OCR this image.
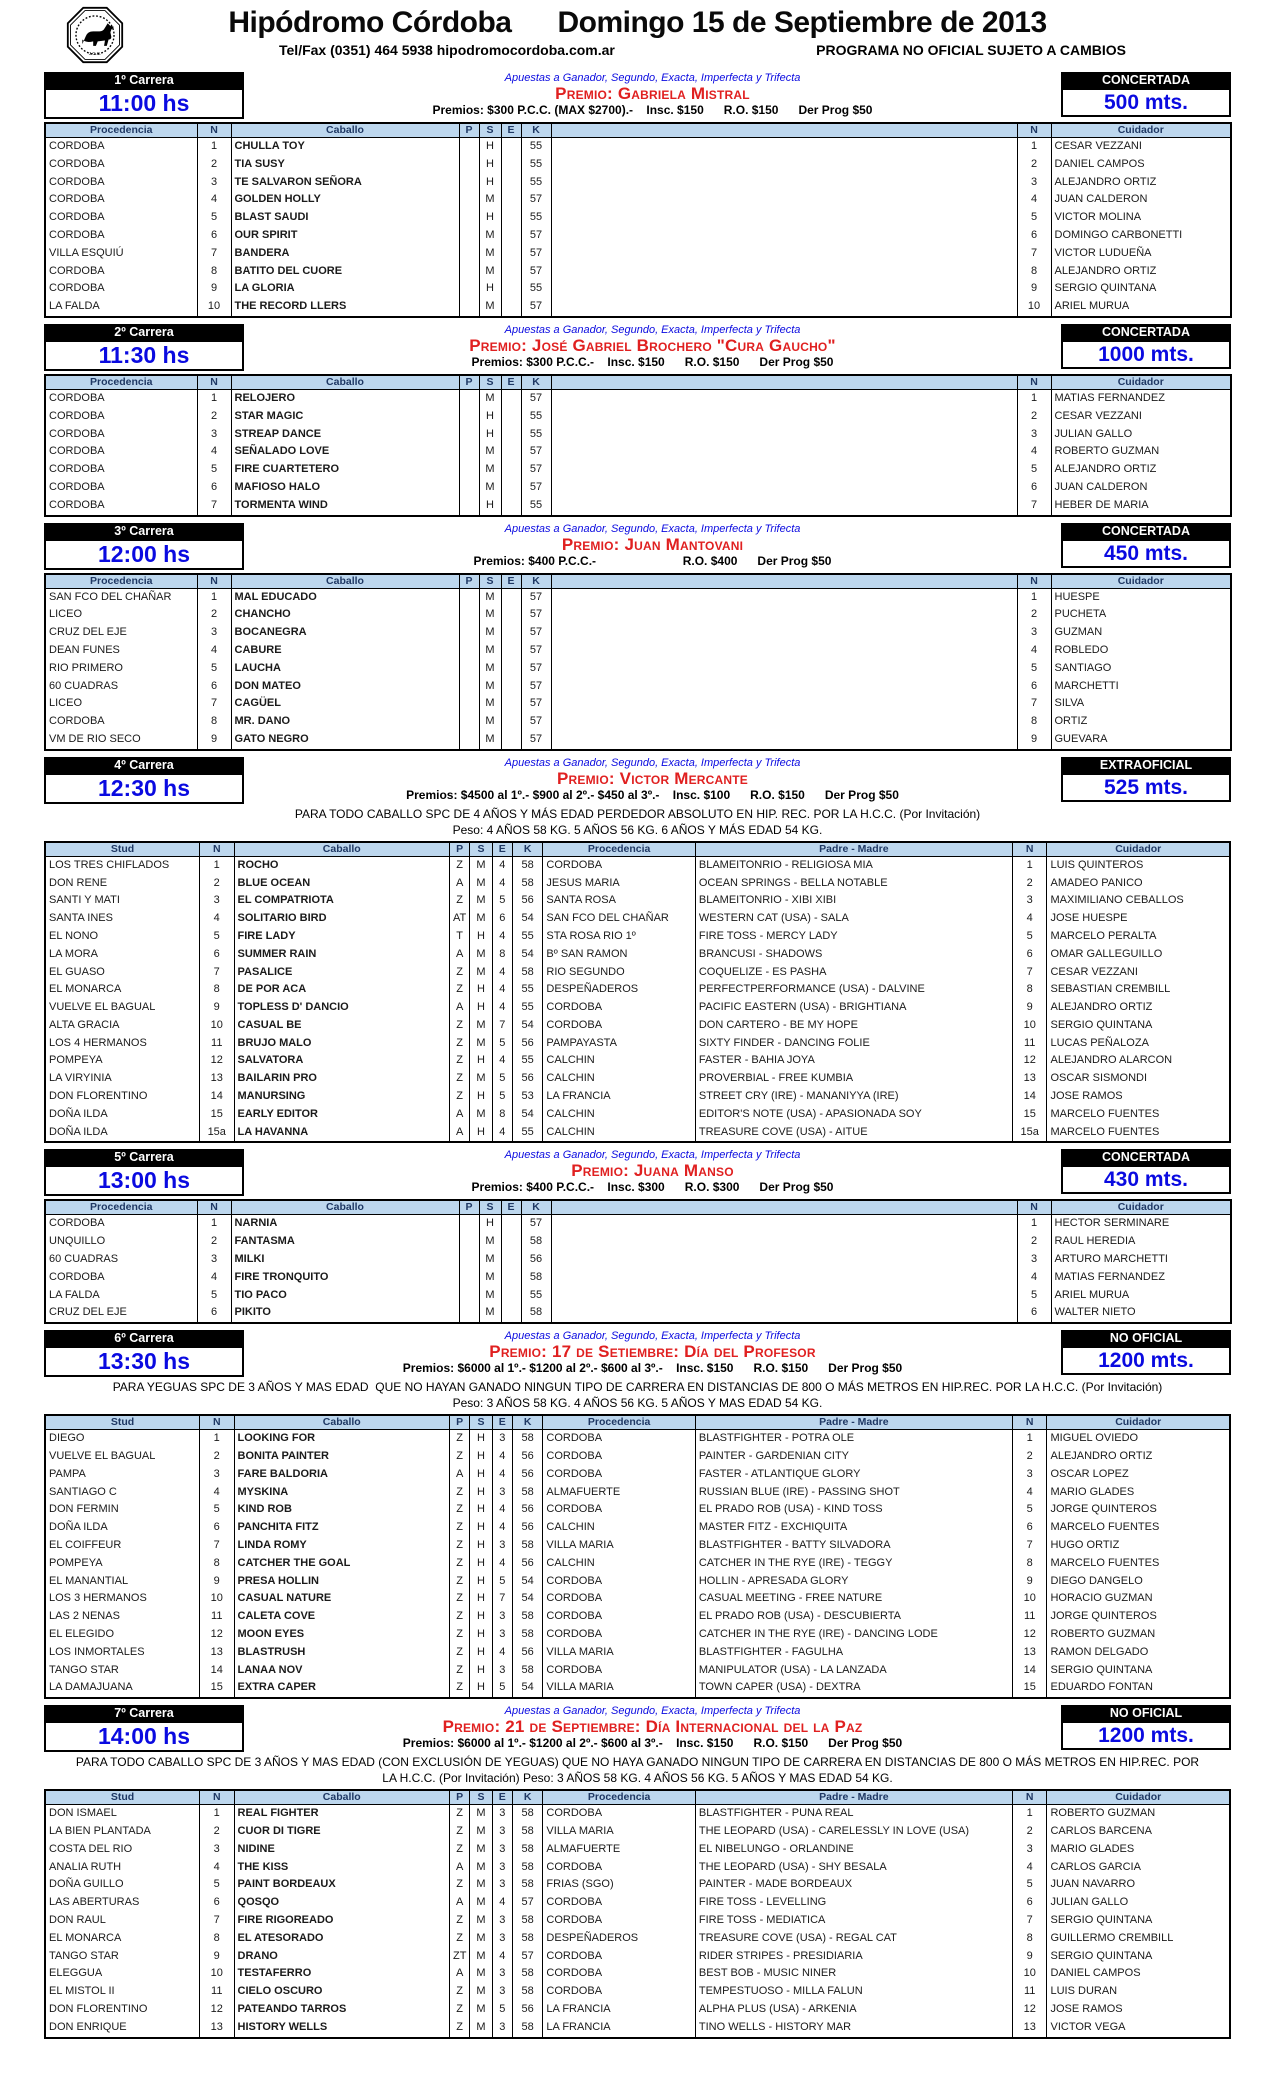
J.C.C.
Hipódromo Córdoba Domingo 15 de Septiembre de 2013
Tel/Fax (0351) 464 5938 hipodromocordoba.com.ar	PROGRAMA NO OFICIAL SUJETO A CAMBIOS
1º Carrera
11:00 hs
Apuestas a Ganador, Segundo, Exacta, Imperfecta y Trifecta
Premio: Gabriela Mistral
Premios: $300 P.C.C. (MAX $2700).-    Insc. $150      R.O. $150      Der Prog $50
CONCERTADA
500 mts.
Procedencia	N	Caballo	P	S	E	K		N	Cuidador
CORDOBA	1	CHULLA TOY		H		55		1	CESAR VEZZANI
CORDOBA	2	TIA SUSY		H		55		2	DANIEL CAMPOS
CORDOBA	3	TE SALVARON SEÑORA		H		55		3	ALEJANDRO ORTIZ
CORDOBA	4	GOLDEN HOLLY		M		57		4	JUAN CALDERON
CORDOBA	5	BLAST SAUDI		H		55		5	VICTOR MOLINA
CORDOBA	6	OUR SPIRIT		M		57		6	DOMINGO CARBONETTI
VILLA ESQUIÚ	7	BANDERA		M		57		7	VICTOR LUDUEÑA
CORDOBA	8	BATITO DEL CUORE		M		57		8	ALEJANDRO ORTIZ
CORDOBA	9	LA GLORIA		H		55		9	SERGIO QUINTANA
LA FALDA	10	THE RECORD LLERS		M		57		10	ARIEL MURUA
2º Carrera
11:30 hs
Apuestas a Ganador, Segundo, Exacta, Imperfecta y Trifecta
Premio: José Gabriel Brochero "Cura Gaucho"
Premios: $300 P.C.C.-    Insc. $150      R.O. $150      Der Prog $50
CONCERTADA
1000 mts.
Procedencia	N	Caballo	P	S	E	K		N	Cuidador
CORDOBA	1	RELOJERO		M		57		1	MATIAS FERNANDEZ
CORDOBA	2	STAR MAGIC		H		55		2	CESAR VEZZANI
CORDOBA	3	STREAP DANCE		H		55		3	JULIAN GALLO
CORDOBA	4	SEÑALADO LOVE		M		57		4	ROBERTO GUZMAN
CORDOBA	5	FIRE CUARTETERO		M		57		5	ALEJANDRO ORTIZ
CORDOBA	6	MAFIOSO HALO		M		57		6	JUAN CALDERON
CORDOBA	7	TORMENTA WIND		H		55		7	HEBER DE MARIA
3º Carrera
12:00 hs
Apuestas a Ganador, Segundo, Exacta, Imperfecta y Trifecta
Premio: Juan Mantovani
Premios: $400 P.C.C.-                          R.O. $400      Der Prog $50
CONCERTADA
450 mts.
Procedencia	N	Caballo	P	S	E	K		N	Cuidador
SAN FCO DEL CHAÑAR	1	MAL EDUCADO		M		57		1	HUESPE
LICEO	2	CHANCHO		M		57		2	PUCHETA
CRUZ DEL EJE	3	BOCANEGRA		M		57		3	GUZMAN
DEAN FUNES	4	CABURE		M		57		4	ROBLEDO
RIO PRIMERO	5	LAUCHA		M		57		5	SANTIAGO
60 CUADRAS	6	DON MATEO		M		57		6	MARCHETTI
LICEO	7	CAGÜEL		M		57		7	SILVA
CORDOBA	8	MR. DANO		M		57		8	ORTIZ
VM DE RIO SECO	9	GATO NEGRO		M		57		9	GUEVARA
4º Carrera
12:30 hs
Apuestas a Ganador, Segundo, Exacta, Imperfecta y Trifecta
Premio: Victor Mercante
Premios: $4500 al 1º.- $900 al 2º.- $450 al 3º.-    Insc. $100      R.O. $150      Der Prog $50
EXTRAOFICIAL
525 mts.
PARA TODO CABALLO SPC DE 4 AÑOS Y MÁS EDAD PERDEDOR ABSOLUTO EN HIP. REC. POR LA H.C.C. (Por Invitación)
Peso: 4 AÑOS 58 KG. 5 AÑOS 56 KG. 6 AÑOS Y MÁS EDAD 54 KG.
Stud	N	Caballo	P	S	E	K	Procedencia	Padre - Madre	N	Cuidador
LOS TRES CHIFLADOS	1	ROCHO	Z	M	4	58	CORDOBA	BLAMEITONRIO - RELIGIOSA MIA	1	LUIS QUINTEROS
DON RENE	2	BLUE OCEAN	A	M	4	58	JESUS MARIA	OCEAN SPRINGS - BELLA NOTABLE	2	AMADEO PANICO
SANTI Y MATI	3	EL COMPATRIOTA	Z	M	5	56	SANTA ROSA	BLAMEITONRIO - XIBI XIBI	3	MAXIMILIANO CEBALLOS
SANTA INES	4	SOLITARIO BIRD	AT	M	6	54	SAN FCO DEL CHAÑAR	WESTERN CAT (USA) - SALA	4	JOSE HUESPE
EL NONO	5	FIRE LADY	T	H	4	55	STA ROSA RIO 1º	FIRE TOSS - MERCY LADY	5	MARCELO PERALTA
LA MORA	6	SUMMER RAIN	A	M	8	54	Bº SAN RAMON	BRANCUSI - SHADOWS	6	OMAR GALLEGUILLO
EL GUASO	7	PASALICE	Z	M	4	58	RIO SEGUNDO	COQUELIZE - ES PASHA	7	CESAR VEZZANI
EL MONARCA	8	DE POR ACA	Z	H	4	55	DESPEÑADEROS	PERFECTPERFORMANCE (USA) - DALVINE	8	SEBASTIAN CREMBILL
VUELVE EL BAGUAL	9	TOPLESS D' DANCIO	A	H	4	55	CORDOBA	PACIFIC EASTERN (USA) - BRIGHTIANA	9	ALEJANDRO ORTIZ
ALTA GRACIA	10	CASUAL BE	Z	M	7	54	CORDOBA	DON CARTERO - BE MY HOPE	10	SERGIO QUINTANA
LOS 4 HERMANOS	11	BRUJO MALO	Z	M	5	56	PAMPAYASTA	SIXTY FINDER - DANCING FOLIE	11	LUCAS PEÑALOZA
POMPEYA	12	SALVATORA	Z	H	4	55	CALCHIN	FASTER - BAHIA JOYA	12	ALEJANDRO ALARCON
LA VIRYINIA	13	BAILARIN PRO	Z	M	5	56	CALCHIN	PROVERBIAL - FREE KUMBIA	13	OSCAR SISMONDI
DON FLORENTINO	14	MANURSING	Z	H	5	53	LA FRANCIA	STREET CRY (IRE) - MANANIYYA (IRE)	14	JOSE RAMOS
DOÑA ILDA	15	EARLY EDITOR	A	M	8	54	CALCHIN	EDITOR'S NOTE (USA) - APASIONADA SOY	15	MARCELO FUENTES
DOÑA ILDA	15a	LA HAVANNA	A	H	4	55	CALCHIN	TREASURE COVE (USA) - AITUE	15a	MARCELO FUENTES
5º Carrera
13:00 hs
Apuestas a Ganador, Segundo, Exacta, Imperfecta y Trifecta
Premio: Juana Manso
Premios: $400 P.C.C.-    Insc. $300      R.O. $300      Der Prog $50
CONCERTADA
430 mts.
Procedencia	N	Caballo	P	S	E	K		N	Cuidador
CORDOBA	1	NARNIA		H		57		1	HECTOR SERMINARE
UNQUILLO	2	FANTASMA		M		58		2	RAUL HEREDIA
60 CUADRAS	3	MILKI		M		56		3	ARTURO MARCHETTI
CORDOBA	4	FIRE TRONQUITO		M		58		4	MATIAS FERNANDEZ
LA FALDA	5	TIO PACO		M		55		5	ARIEL MURUA
CRUZ DEL EJE	6	PIKITO		M		58		6	WALTER NIETO
6º Carrera
13:30 hs
Apuestas a Ganador, Segundo, Exacta, Imperfecta y Trifecta
Premio: 17 de Setiembre: Día del Profesor
Premios: $6000 al 1º.- $1200 al 2º.- $600 al 3º.-    Insc. $150      R.O. $150      Der Prog $50
NO OFICIAL
1200 mts.
PARA YEGUAS SPC DE 3 AÑOS Y MAS EDAD  QUE NO HAYAN GANADO NINGUN TIPO DE CARRERA EN DISTANCIAS DE 800 O MÁS METROS EN HIP.REC. POR LA H.C.C. (Por Invitación)
Peso: 3 AÑOS 58 KG. 4 AÑOS 56 KG. 5 AÑOS Y MAS EDAD 54 KG.
Stud	N	Caballo	P	S	E	K	Procedencia	Padre - Madre	N	Cuidador
DIEGO	1	LOOKING FOR	Z	H	3	58	CORDOBA	BLASTFIGHTER - POTRA OLE	1	MIGUEL OVIEDO
VUELVE EL BAGUAL	2	BONITA PAINTER	Z	H	4	56	CORDOBA	PAINTER - GARDENIAN CITY	2	ALEJANDRO ORTIZ
PAMPA	3	FARE BALDORIA	A	H	4	56	CORDOBA	FASTER - ATLANTIQUE GLORY	3	OSCAR LOPEZ
SANTIAGO C	4	MYSKINA	Z	H	3	58	ALMAFUERTE	RUSSIAN BLUE (IRE) - PASSING SHOT	4	MARIO GLADES
DON FERMIN	5	KIND ROB	Z	H	4	56	CORDOBA	EL PRADO ROB (USA) - KIND TOSS	5	JORGE QUINTEROS
DOÑA ILDA	6	PANCHITA FITZ	Z	H	4	56	CALCHIN	MASTER FITZ - EXCHIQUITA	6	MARCELO FUENTES
EL COIFFEUR	7	LINDA ROMY	Z	H	3	58	VILLA MARIA	BLASTFIGHTER - BATTY SILVADORA	7	HUGO ORTIZ
POMPEYA	8	CATCHER THE GOAL	Z	H	4	56	CALCHIN	CATCHER IN THE RYE (IRE) - TEGGY	8	MARCELO FUENTES
EL MANANTIAL	9	PRESA HOLLIN	Z	H	5	54	CORDOBA	HOLLIN - APRESADA GLORY	9	DIEGO DANGELO
LOS 3 HERMANOS	10	CASUAL NATURE	Z	H	7	54	CORDOBA	CASUAL MEETING - FREE NATURE	10	HORACIO GUZMAN
LAS 2 NENAS	11	CALETA COVE	Z	H	3	58	CORDOBA	EL PRADO ROB (USA) - DESCUBIERTA	11	JORGE QUINTEROS
EL ELEGIDO	12	MOON EYES	Z	H	3	58	CORDOBA	CATCHER IN THE RYE (IRE) - DANCING LODE	12	ROBERTO GUZMAN
LOS INMORTALES	13	BLASTRUSH	Z	H	4	56	VILLA MARIA	BLASTFIGHTER - FAGULHA	13	RAMON DELGADO
TANGO STAR	14	LANAA NOV	Z	H	3	58	CORDOBA	MANIPULATOR (USA) - LA LANZADA	14	SERGIO QUINTANA
LA DAMAJUANA	15	EXTRA CAPER	Z	H	5	54	VILLA MARIA	TOWN CAPER (USA) - DEXTRA	15	EDUARDO FONTAN
7º Carrera
14:00 hs
Apuestas a Ganador, Segundo, Exacta, Imperfecta y Trifecta
Premio: 21 de Septiembre: Día Internacional del la Paz
Premios: $6000 al 1º.- $1200 al 2º.- $600 al 3º.-    Insc. $150      R.O. $150      Der Prog $50
NO OFICIAL
1200 mts.
PARA TODO CABALLO SPC DE 3 AÑOS Y MAS EDAD (CON EXCLUSIÓN DE YEGUAS) QUE NO HAYA GANADO NINGUN TIPO DE CARRERA EN DISTANCIAS DE 800 O MÁS METROS EN HIP.REC. POR
LA H.C.C. (Por Invitación) Peso: 3 AÑOS 58 KG. 4 AÑOS 56 KG. 5 AÑOS Y MAS EDAD 54 KG.
Stud	N	Caballo	P	S	E	K	Procedencia	Padre - Madre	N	Cuidador
DON ISMAEL	1	REAL FIGHTER	Z	M	3	58	CORDOBA	BLASTFIGHTER - PUNA REAL	1	ROBERTO GUZMAN
LA BIEN PLANTADA	2	CUOR DI TIGRE	Z	M	3	58	VILLA MARIA	THE LEOPARD (USA) - CARELESSLY IN LOVE (USA)	2	CARLOS BARCENA
COSTA DEL RIO	3	NIDINE	Z	M	3	58	ALMAFUERTE	EL NIBELUNGO - ORLANDINE	3	MARIO GLADES
ANALIA RUTH	4	THE KISS	A	M	3	58	CORDOBA	THE LEOPARD (USA) - SHY BESALA	4	CARLOS GARCIA
DOÑA GUILLO	5	PAINT BORDEAUX	Z	M	3	58	FRIAS (SGO)	PAINTER - MADE BORDEAUX	5	JUAN NAVARRO
LAS ABERTURAS	6	QOSQO	A	M	4	57	CORDOBA	FIRE TOSS - LEVELLING	6	JULIAN GALLO
DON RAUL	7	FIRE RIGOREADO	Z	M	3	58	CORDOBA	FIRE TOSS - MEDIATICA	7	SERGIO QUINTANA
EL MONARCA	8	EL ATESORADO	Z	M	3	58	DESPEÑADEROS	TREASURE COVE (USA) - REGAL CAT	8	GUILLERMO CREMBILL
TANGO STAR	9	DRANO	ZT	M	4	57	CORDOBA	RIDER STRIPES - PRESIDIARIA	9	SERGIO QUINTANA
ELEGGUA	10	TESTAFERRO	A	M	3	58	CORDOBA	BEST BOB - MUSIC NINER	10	DANIEL CAMPOS
EL MISTOL II	11	CIELO OSCURO	Z	M	3	58	CORDOBA	TEMPESTUOSO - MILLA FALUN	11	LUIS DURAN
DON FLORENTINO	12	PATEANDO TARROS	Z	M	5	56	LA FRANCIA	ALPHA PLUS (USA) - ARKENIA	12	JOSE RAMOS
DON ENRIQUE	13	HISTORY WELLS	Z	M	3	58	LA FRANCIA	TINO WELLS - HISTORY MAR	13	VICTOR VEGA
